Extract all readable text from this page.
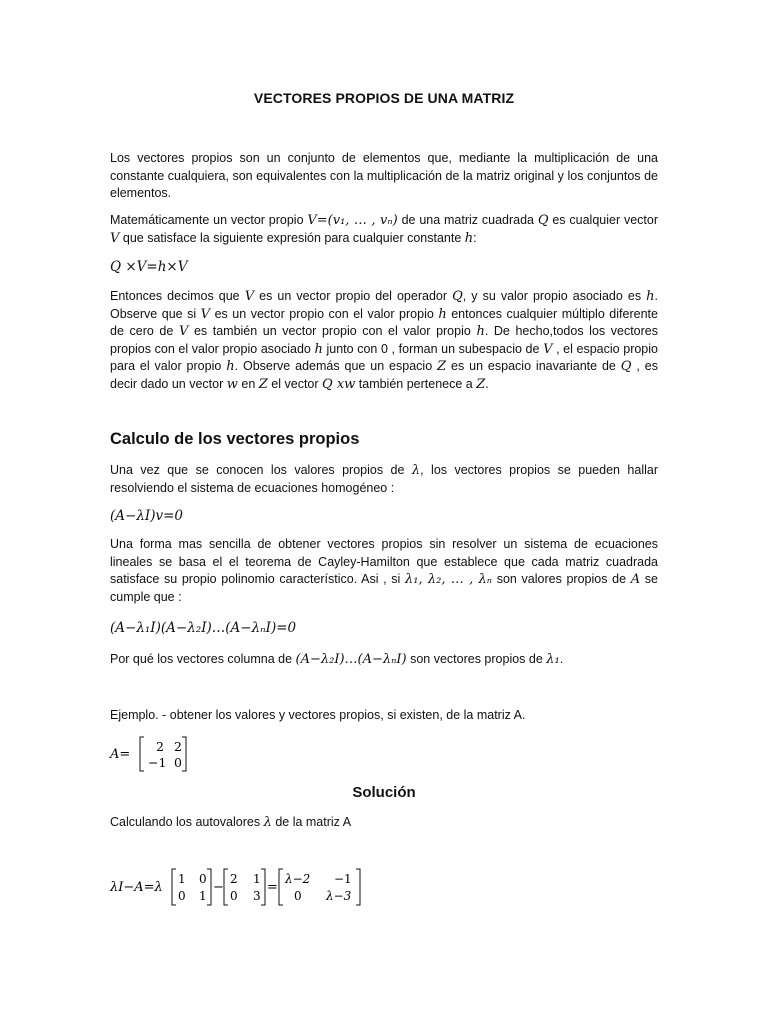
VECTORES PROPIOS DE UNA MATRIZ
Los vectores propios son un conjunto de elementos que, mediante la multiplicación de una constante cualquiera, son equivalentes con la multiplicación de la matriz original y los conjuntos de elementos.
Matemáticamente un vector propio V=(v₁, … , vₙ) de una matriz cuadrada Q es cualquier vector V que satisface la siguiente expresión para cualquier constante h:
Q ×V=h×V
Entonces decimos que V es un vector propio del operador Q, y su valor propio asociado es h. Observe que si V es un vector propio con el valor propio h entonces cualquier múltiplo diferente de cero de V es también un vector propio con el valor propio h. De hecho,todos los vectores propios con el valor propio asociado h junto con 0 , forman un subespacio de V , el espacio propio para el valor propio h. Observe además que un espacio Z es un espacio inavariante de Q , es decir dado un vector w en Z el vector Q xw también pertenece a Z.
Calculo de los vectores propios
Una vez que se conocen los valores propios de λ, los vectores propios se pueden hallar resolviendo el sistema de ecuaciones homogéneo :
(A−λI)v=0
Una forma mas sencilla de obtener vectores propios sin resolver un sistema de ecuaciones lineales se basa el el teorema de Cayley-Hamilton que establece que cada matriz cuadrada satisface su propio polinomio característico. Asi , si λ₁, λ₂, … , λₙ son valores propios de A se cumple que :
(A−λ₁I)(A−λ₂I)…(A−λₙI)=0
Por qué los vectores columna de (A−λ₂I)…(A−λₙI) son vectores propios de λ₁.
Ejemplo. - obtener los valores y vectores propios, si existen, de la matriz A.
A=
2 2
−1 0
Solución
Calculando los autovalores λ de la matriz A
λI−A=λ
1 0
0 1
−
2 1
0 3
=
λ−2 −1
0 λ−3
